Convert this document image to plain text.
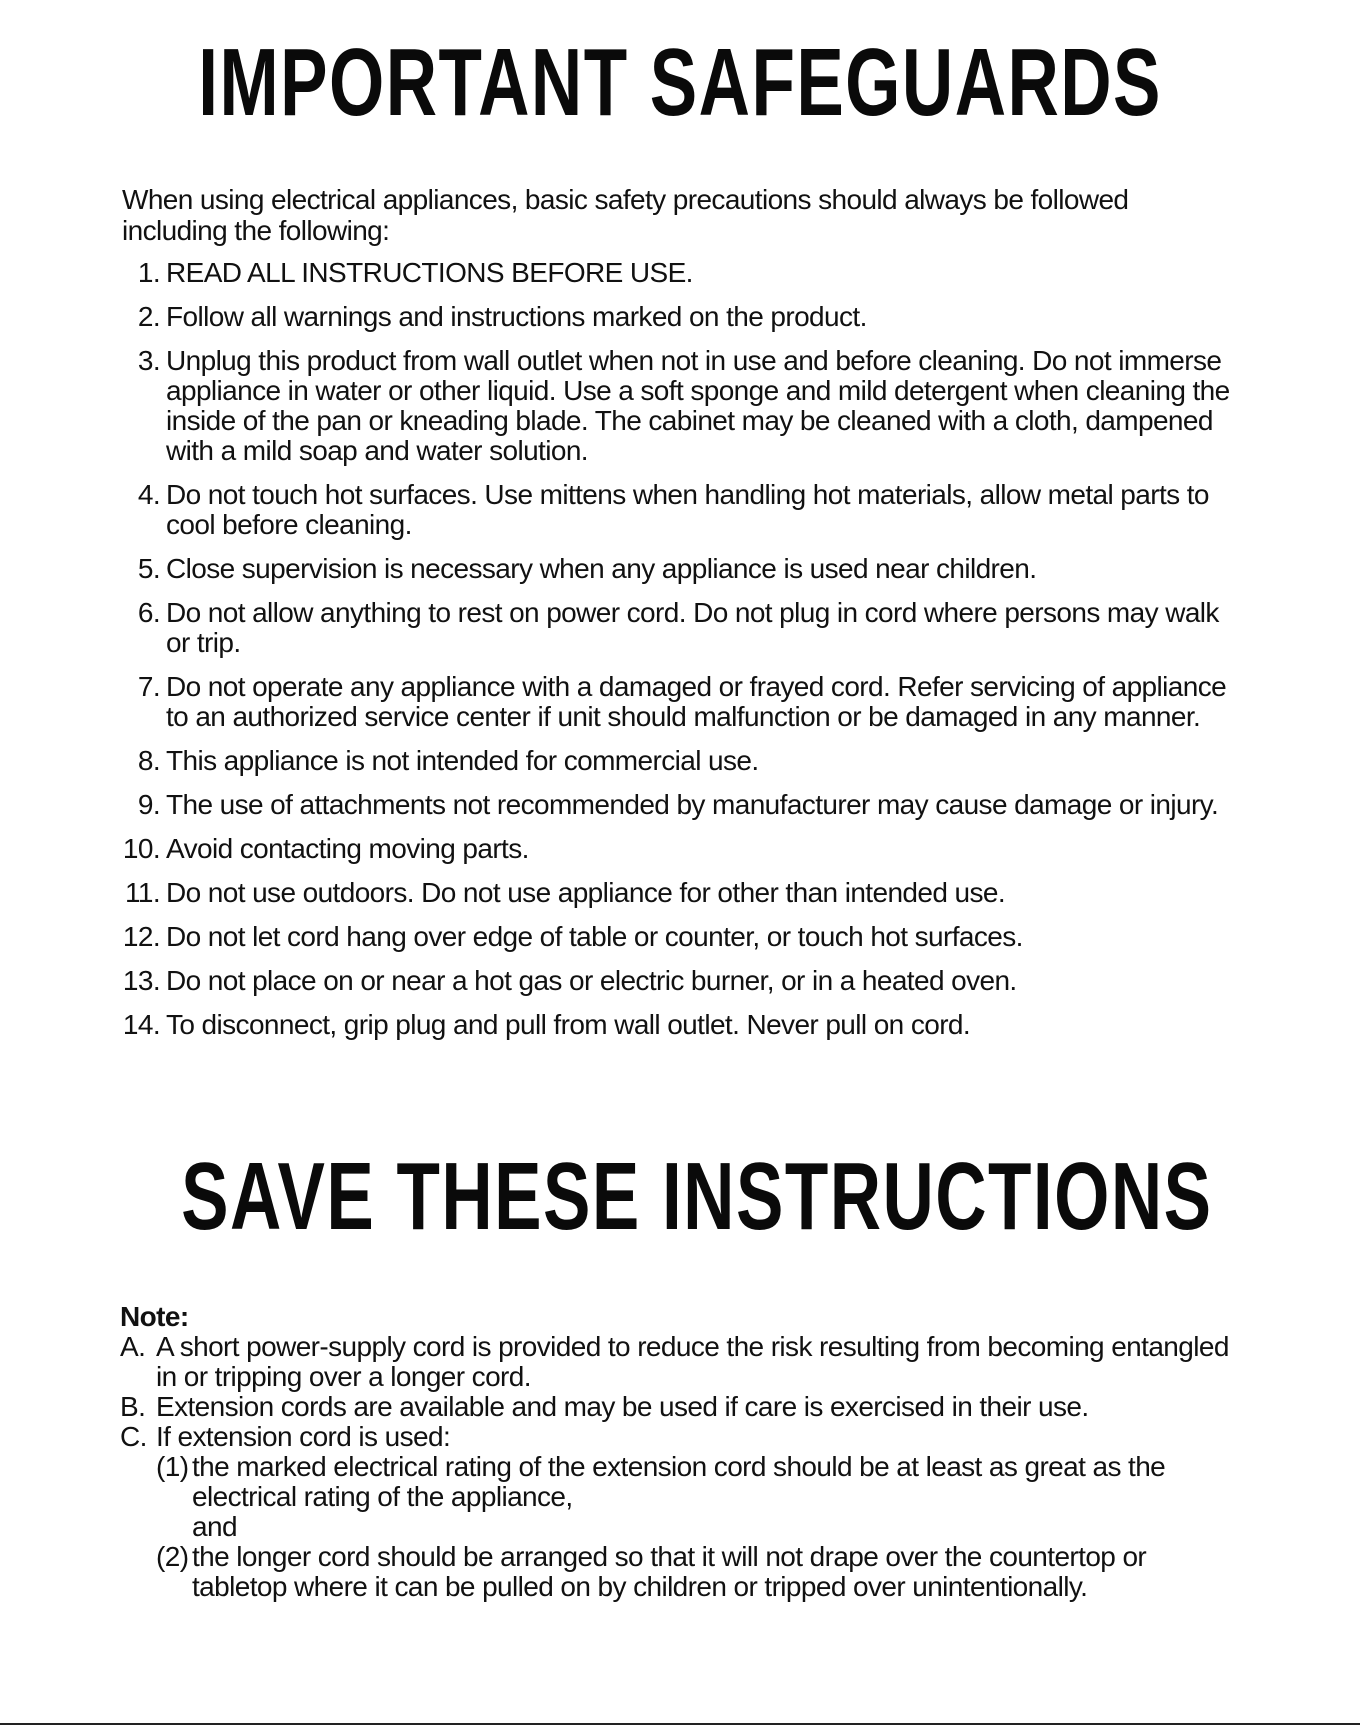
IMPORTANT SAFEGUARDS

When using electrical appliances, basic safety precautions should always be followed including the following:

1. READ ALL INSTRUCTIONS BEFORE USE.
2. Follow all warnings and instructions marked on the product.
3. Unplug this product from wall outlet when not in use and before cleaning. Do not immerse appliance in water or other liquid. Use a soft sponge and mild detergent when cleaning the inside of the pan or kneading blade. The cabinet may be cleaned with a cloth, dampened with a mild soap and water solution.
4. Do not touch hot surfaces. Use mittens when handling hot materials, allow metal parts to cool before cleaning.
5. Close supervision is necessary when any appliance is used near children.
6. Do not allow anything to rest on power cord. Do not plug in cord where persons may walk or trip.
7. Do not operate any appliance with a damaged or frayed cord. Refer servicing of appliance to an authorized service center if unit should malfunction or be damaged in any manner.
8. This appliance is not intended for commercial use.
9. The use of attachments not recommended by manufacturer may cause damage or injury.
10. Avoid contacting moving parts.
11. Do not use outdoors. Do not use appliance for other than intended use.
12. Do not let cord hang over edge of table or counter, or touch hot surfaces.
13. Do not place on or near a hot gas or electric burner, or in a heated oven.
14. To disconnect, grip plug and pull from wall outlet. Never pull on cord.
SAVE THESE INSTRUCTIONS

Note:

A. A short power-supply cord is provided to reduce the risk resulting from becoming entangled in or tripping over a longer cord.

B. Extension cords are available and may be used if care is exercised in their use.

C. If extension cord is used:

(1) the marked electrical rating of the extension cord should be at least as great as the electrical rating of the appliance,

and

(2) the longer cord should be arranged so that it will not drape over the countertop or tabletop where it can be pulled on by children or tripped over unintentionally.
